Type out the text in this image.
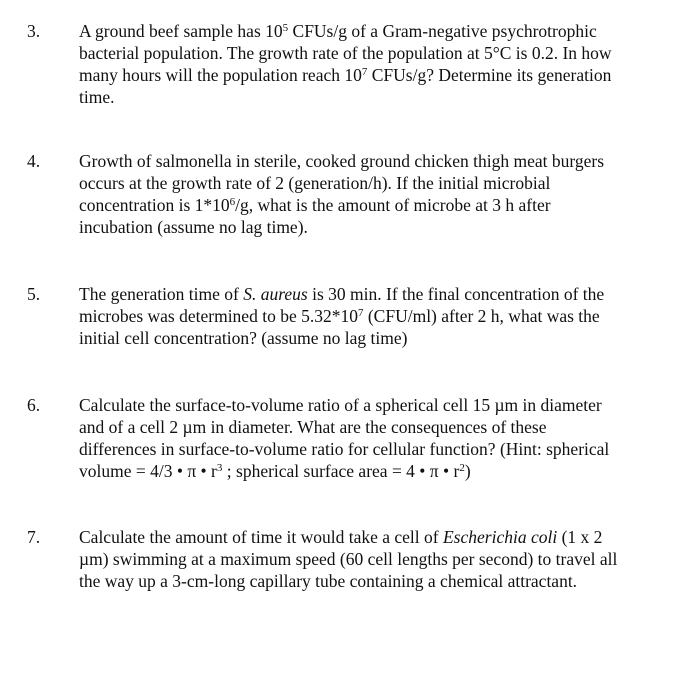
3. A ground beef sample has $10^5$ CFUs/g of a Gram-negative psychrotrophic
bacterial population. The growth rate of the population at 5°C is 0.2. In how
many hours will the population reach $10^7$ CFUs/g? Determine its generation
time.
4. Growth of salmonella in sterile, cooked ground chicken thigh meat burgers
occurs at the growth rate of 2 (generation/h). If the initial microbial
concentration is $1*10^6/g$, what is the amount of microbe at 3 h after
incubation (assume no lag time).
5. The generation time of S. aureus is 30 min. If the final concentration of the
microbes was determined to be $5.32*10^7$ (CFU/ml) after 2 h, what was the
initial cell concentration? (assume no lag time)
6. Calculate the surface-to-volume ratio of a spherical cell 15 µm in diameter
and of a cell 2 µm in diameter. What are the consequences of these
differences in surface-to-volume ratio for cellular function? (Hint: spherical
volume = 4/3 • π • $r^3$ ; spherical surface area = 4 • π • $r^2$)
7. Calculate the amount of time it would take a cell of Escherichia coli (1 x 2
µm) swimming at a maximum speed (60 cell lengths per second) to travel all
the way up a 3-cm-long capillary tube containing a chemical attractant.
